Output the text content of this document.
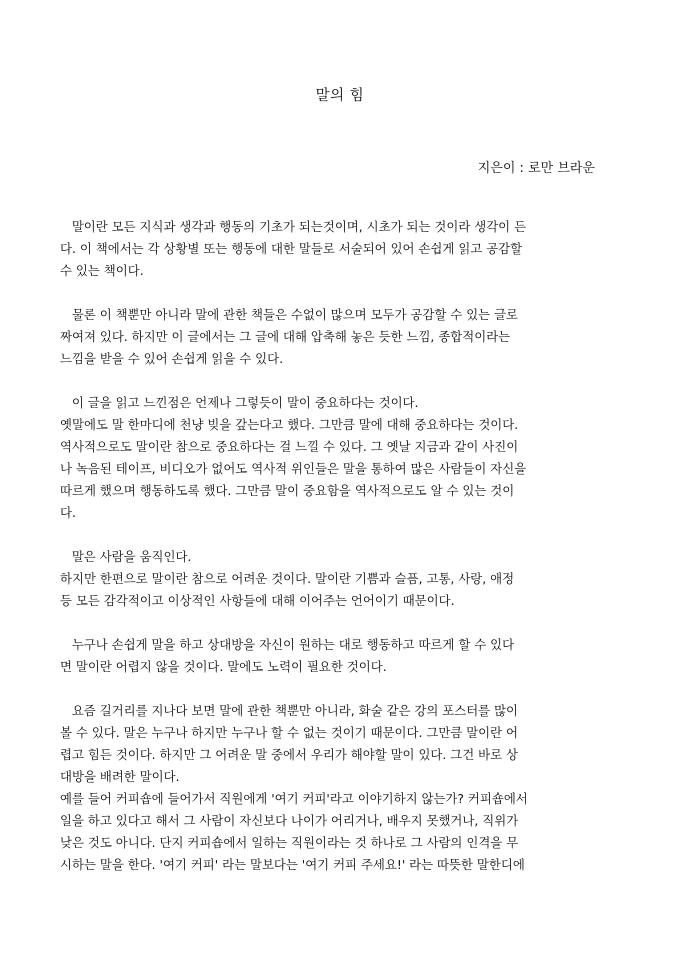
말의 힘
지은이 : 로만 브라운
말이란 모든 지식과 생각과 행동의 기초가 되는것이며, 시초가 되는 것이라 생각이 든
다. 이 책에서는 각 상황별 또는 행동에 대한 말들로 서술되어 있어 손쉽게 읽고 공감할
수 있는 책이다.
물론 이 책뿐만 아니라 말에 관한 책들은 수없이 많으며 모두가 공감할 수 있는 글로
짜여져 있다. 하지만 이 글에서는 그 글에 대해 압축해 놓은 듯한 느낌, 종합적이라는
느낌을 받을 수 있어 손쉽게 읽을 수 있다.
이 글을 읽고 느낀점은 언제나 그렇듯이 말이 중요하다는 것이다.
옛말에도 말 한마디에 천냥 빚을 갚는다고 했다. 그만큼 말에 대해 중요하다는 것이다.
역사적으로도 말이란 참으로 중요하다는 걸 느낄 수 있다. 그 옛날 지금과 같이 사진이
나 녹음된 테이프, 비디오가 없어도 역사적 위인들은 말을 통하여 많은 사람들이 자신을
따르게 했으며 행동하도록 했다. 그만큼 말이 중요함을 역사적으로도 알 수 있는 것이
다.
말은 사람을 움직인다.
하지만 한편으로 말이란 참으로 어려운 것이다. 말이란 기쁨과 슬픔, 고통, 사랑, 애정
등 모든 감각적이고 이상적인 사항들에 대해 이어주는 언어이기 때문이다.
누구나 손쉽게 말을 하고 상대방을 자신이 원하는 대로 행동하고 따르게 할 수 있다
면 말이란 어렵지 않을 것이다. 말에도 노력이 필요한 것이다.
요즘 길거리를 지나다 보면 말에 관한 책뿐만 아니라, 화술 같은 강의 포스터를 많이
볼 수 있다. 말은 누구나 하지만 누구나 할 수 없는 것이기 때문이다. 그만큼 말이란 어
렵고 힘든 것이다. 하지만 그 어려운 말 중에서 우리가 해야할 말이 있다. 그건 바로 상
대방을 배려한 말이다.
예를 들어 커피숍에 들어가서 직원에게 '여기 커피'라고 이야기하지 않는가? 커피숍에서
일을 하고 있다고 해서 그 사람이 자신보다 나이가 어리거나, 배우지 못했거나, 직위가
낮은 것도 아니다. 단지 커피숍에서 일하는 직원이라는 것 하나로 그 사람의 인격을 무
시하는 말을 한다. '여기 커피' 라는 말보다는 '여기 커피 주세요!' 라는 따뜻한 말한디에
